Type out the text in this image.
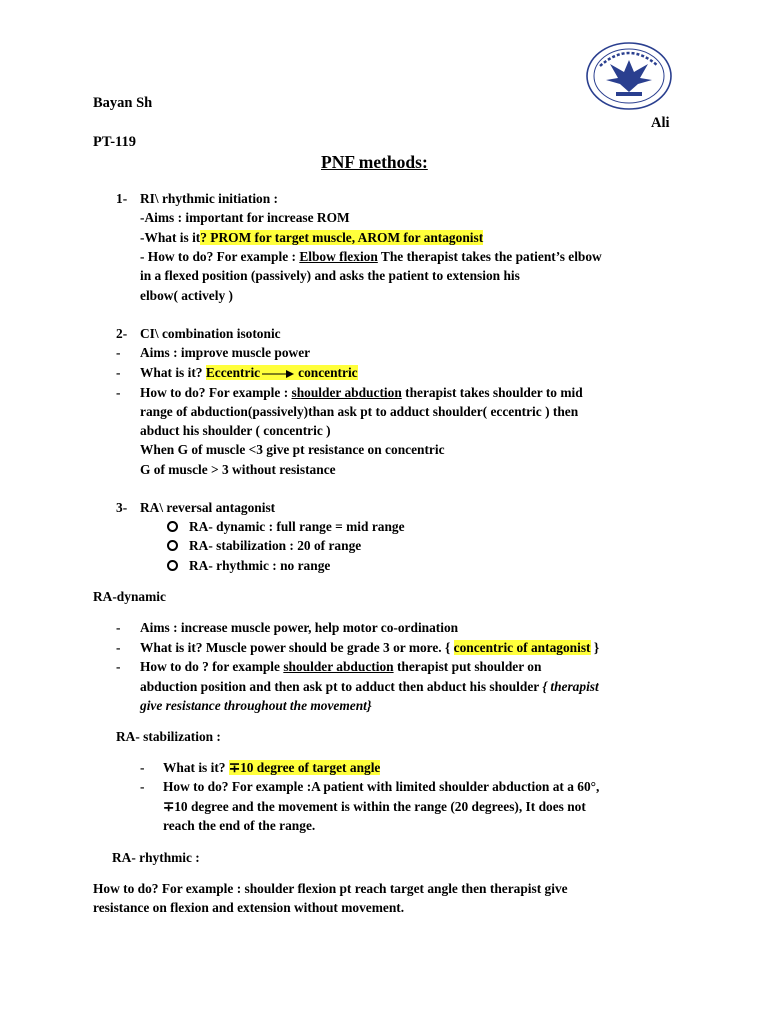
Bayan Sh
Ali
PT-119
PNF methods:
1- RI\ rhythmic initiation :
-Aims : important for increase ROM
-What is it? PROM for target muscle, AROM for antagonist
- How to do? For example : Elbow flexion The therapist takes the patient’s elbow
in a flexed position (passively) and asks the patient to extension his
elbow( actively )
2- CI\ combination isotonic
- Aims : improve muscle power
- What is it? Eccentric	concentric
- How to do? For example : shoulder abduction therapist takes shoulder to mid
range of abduction(passively)than ask pt to adduct shoulder( eccentric ) then
abduct his shoulder ( concentric )
When G of muscle <3 give pt resistance on concentric
G of muscle > 3 without resistance
3- RA\ reversal antagonist
RA- dynamic : full range = mid range
RA- stabilization : 20 of range
RA- rhythmic : no range
RA-dynamic
- Aims : increase muscle power, help motor co-ordination
- What is it? Muscle power should be grade 3 or more. { concentric of antagonist }
- How to do ? for example shoulder abduction therapist put shoulder on
abduction position and then ask pt to adduct then abduct his shoulder { therapist
give resistance throughout the movement}
RA- stabilization :
- What is it? ∓10 degree of target angle
- How to do? For example :A patient with limited shoulder abduction at a 60°,
∓10 degree and the movement is within the range (20 degrees), It does not
reach the end of the range.
RA- rhythmic :
How to do? For example : shoulder flexion pt reach target angle then therapist give
resistance on flexion and extension without movement.
